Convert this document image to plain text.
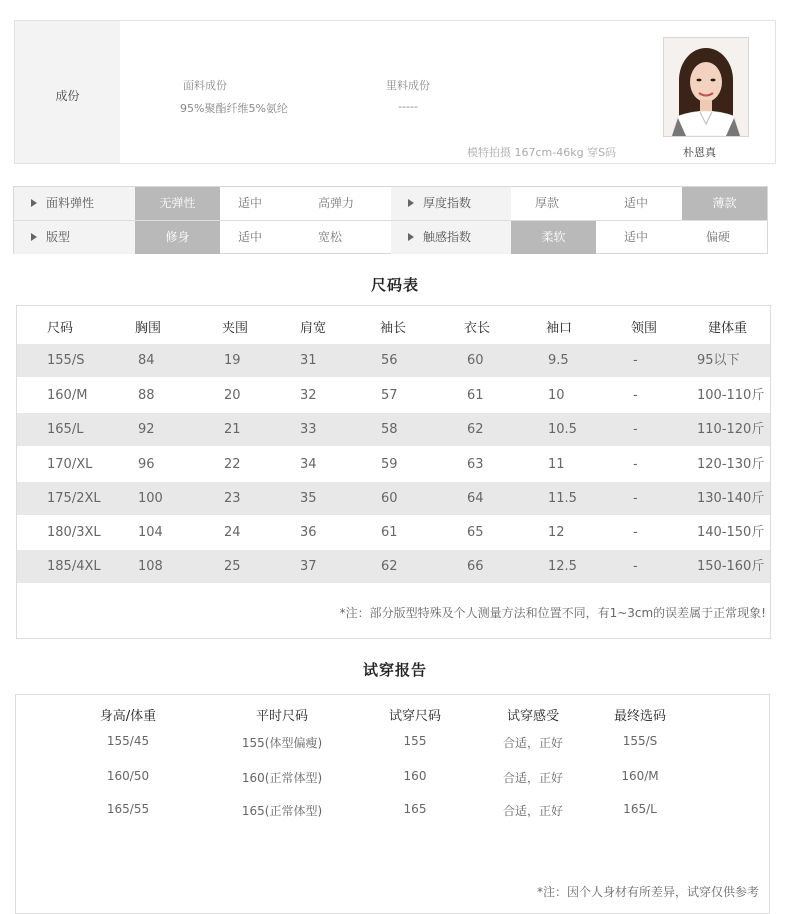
成份
面料成份
95%聚酯纤维5%氨纶
里料成份
-----
模特拍摄 167cm-46kg 穿S码	朴恩真
面料弹性	无弹性	适中	高弹力	厚度指数	厚款	适中	薄款
版型	修身	适中	宽松	触感指数	柔软	适中	偏硬
尺码表
尺码	胸围	夹围	肩宽	袖长	衣长	袖口	领围	建体重
155/S	84	19	31	56	60	9.5	-	95以下
160/M	88	20	32	57	61	10	-	100-110斤
165/L	92	21	33	58	62	10.5	-	110-120斤
170/XL	96	22	34	59	63	11	-	120-130斤
175/2XL	100	23	35	60	64	11.5	-	130-140斤
180/3XL	104	24	36	61	65	12	-	140-150斤
185/4XL	108	25	37	62	66	12.5	-	150-160斤
*注：部分版型特殊及个人测量方法和位置不同，有1~3cm的误差属于正常现象!
试穿报告
身高/体重	平时尺码	试穿尺码	试穿感受	最终选码
155/45	155(体型偏瘦)	155	合适，正好	155/S
160/50	160(正常体型)	160	合适，正好	160/M
165/55	165(正常体型)	165	合适，正好	165/L
*注：因个人身材有所差异，试穿仅供参考
